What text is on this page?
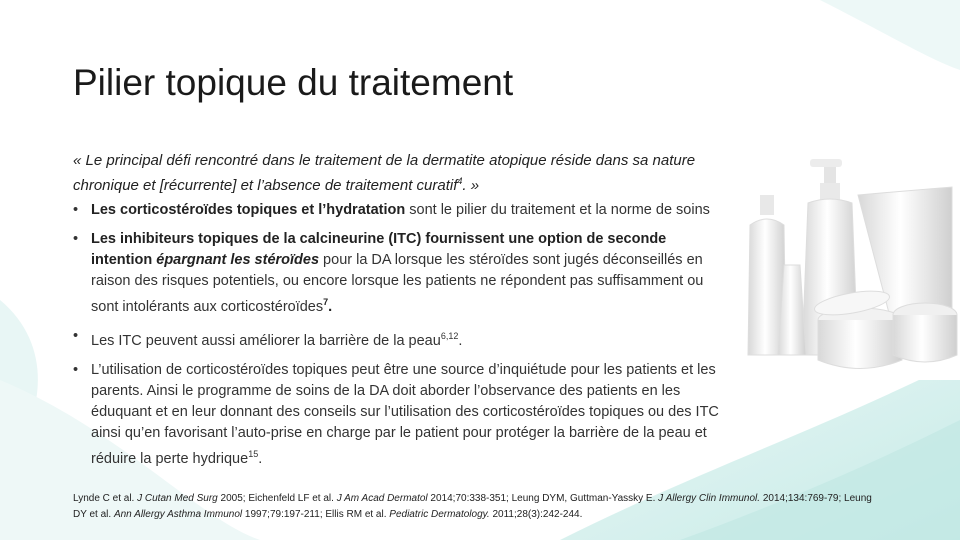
Pilier topique du traitement
« Le principal défi rencontré dans le traitement de la dermatite atopique réside dans sa nature chronique et [récurrente] et l’absence de traitement curatif$^4$. »
• Les corticostéroïdes topiques et l’hydratation sont le pilier du traitement et la norme de soins
• Les inhibiteurs topiques de la calcineurine (ITC) fournissent une option de seconde intention épargnant les stéroïdes pour la DA lorsque les stéroïdes sont jugés déconseillés en raison des risques potentiels, ou encore lorsque les patients ne répondent pas suffisamment ou sont intolérants aux corticostéroïdes$^7$.
• Les ITC peuvent aussi améliorer la barrière de la peau$^{6,12}$.
• L’utilisation de corticostéroïdes topiques peut être une source d’inquiétude pour les patients et les parents. Ainsi le programme de soins de la DA doit aborder l’observance des patients en les éduquant et en leur donnant des conseils sur l’utilisation des corticostéroïdes topiques ou des ITC ainsi qu’en favorisant l’auto-prise en charge par le patient pour protéger la barrière de la peau et réduire la perte hydrique$^{15}$.
Lynde C et al. J Cutan Med Surg 2005; Eichenfeld LF et al. J Am Acad Dermatol 2014;70:338-351; Leung DYM, Guttman-Yassky E. J Allergy Clin Immunol. 2014;134:769-79; Leung DY et al. Ann Allergy Asthma Immunol 1997;79:197-211; Ellis RM et al. Pediatric Dermatology. 2011;28(3):242-244.
